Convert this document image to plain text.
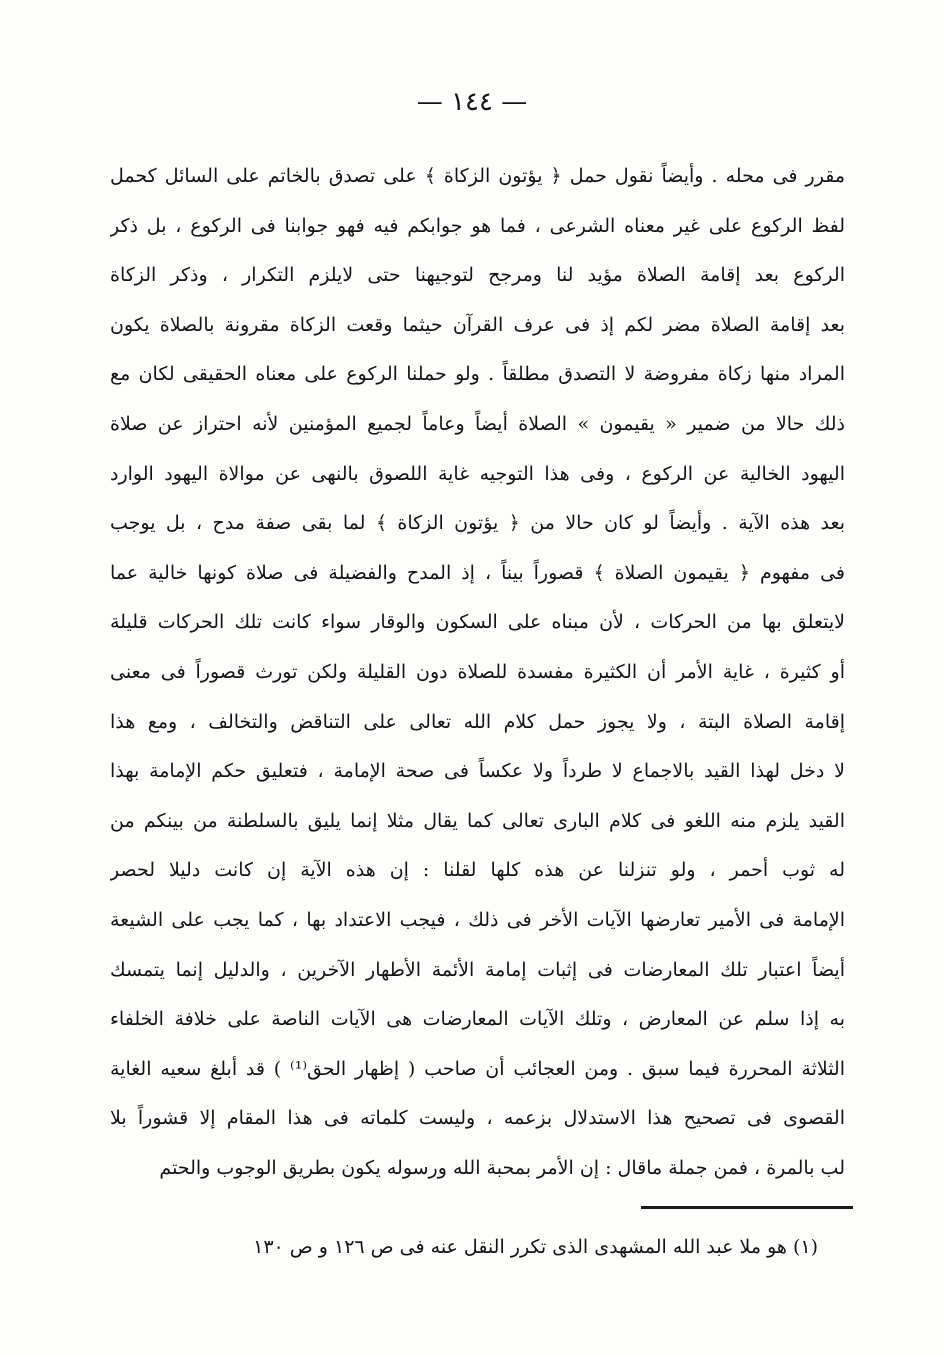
— ١٤٤ —
مقرر فى محله . وأيضاً نقول حمل ﴿ يؤتون الزكاة ﴾ على تصدق بالخاتم على السائل كحمل
لفظ الركوع على غير معناه الشرعى ، فما هو جوابكم فيه فهو جوابنا فى الركوع ، بل ذكر
الركوع بعد إقامة الصلاة مؤيد لنا ومرجح لتوجيهنا حتى لايلزم التكرار ، وذكر الزكاة
بعد إقامة الصلاة مضر لكم إذ فى عرف القرآن حيثما وقعت الزكاة مقرونة بالصلاة يكون
المراد منها زكاة مفروضة لا التصدق مطلقاً . ولو حملنا الركوع على معناه الحقيقى لكان مع
ذلك حالا من ضمير « يقيمون » الصلاة أيضاً وعاماً لجميع المؤمنين لأنه احتراز عن صلاة
اليهود الخالية عن الركوع ، وفى هذا التوجيه غاية اللصوق بالنهى عن موالاة اليهود الوارد
بعد هذه الآية . وأيضاً لو كان حالا من ﴿ يؤتون الزكاة ﴾ لما بقى صفة مدح ، بل يوجب
فى مفهوم ﴿ يقيمون الصلاة ﴾ قصوراً بيناً ، إذ المدح والفضيلة فى صلاة كونها خالية عما
لايتعلق بها من الحركات ، لأن مبناه على السكون والوقار سواء كانت تلك الحركات قليلة
أو كثيرة ، غاية الأمر أن الكثيرة مفسدة للصلاة دون القليلة ولكن تورث قصوراً فى معنى
إقامة الصلاة البتة ، ولا يجوز حمل كلام الله تعالى على التناقض والتخالف ، ومع هذا
لا دخل لهذا القيد بالاجماع لا طرداً ولا عكساً فى صحة الإمامة ، فتعليق حكم الإمامة بهذا
القيد يلزم منه اللغو فى كلام البارى تعالى كما يقال مثلا إنما يليق بالسلطنة من بينكم من
له ثوب أحمر ، ولو تنزلنا عن هذه كلها لقلنا : إن هذه الآية إن كانت دليلا لحصر
الإمامة فى الأمير تعارضها الآيات الأخر فى ذلك ، فيجب الاعتداد بها ، كما يجب على الشيعة
أيضاً اعتبار تلك المعارضات فى إثبات إمامة الأئمة الأطهار الآخرين ، والدليل إنما يتمسك
به إذا سلم عن المعارض ، وتلك الآيات المعارضات هى الآيات الناصة على خلافة الخلفاء
الثلاثة المحررة فيما سبق . ومن العجائب أن صاحب ( إظهار الحق⁽¹⁾ ) قد أبلغ سعيه الغاية
القصوى فى تصحيح هذا الاستدلال بزعمه ، وليست كلماته فى هذا المقام إلا قشوراً بلا
لب بالمرة ، فمن جملة ماقال : إن الأمر بمحبة الله ورسوله يكون بطريق الوجوب والحتم
(١) هو ملا عبد الله المشهدى الذى تكرر النقل عنه فى ص ١٢٦ و ص ١٣٠
